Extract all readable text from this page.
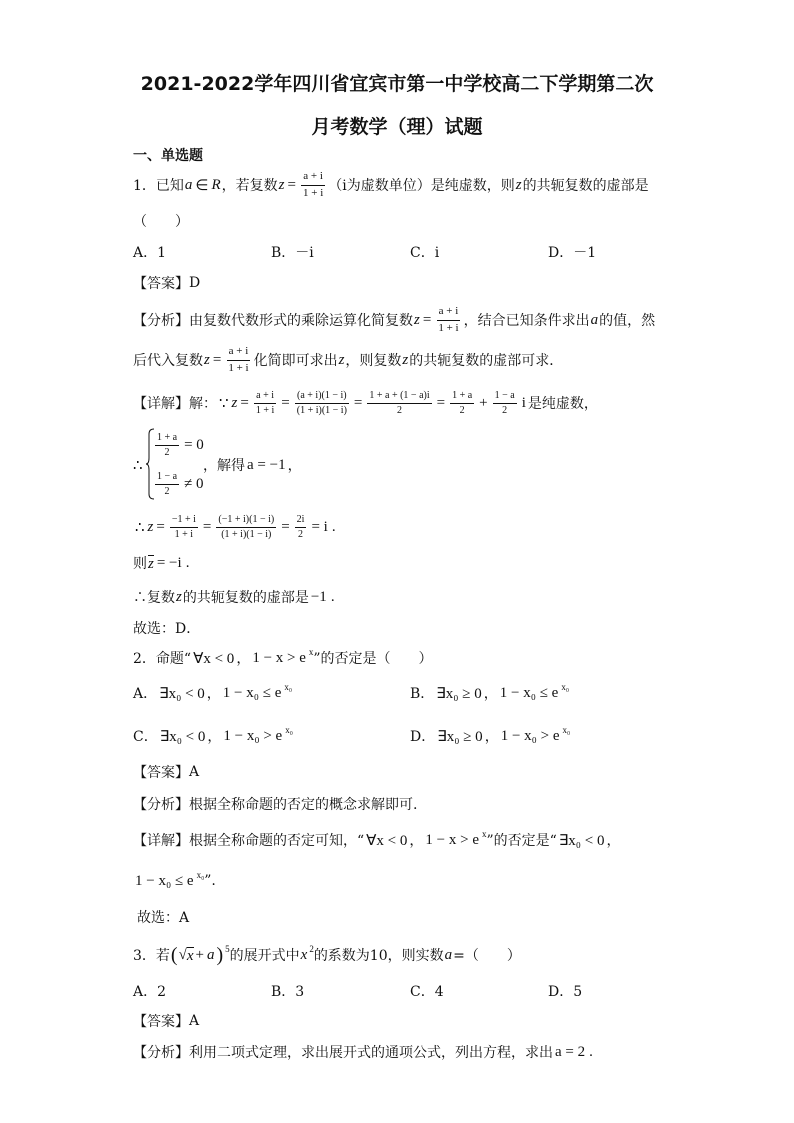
2021-2022学年四川省宜宾市第一中学校高二下学期第二次
月考数学（理）试题
一、单选题
1．已知 a ∈ R ，若复数 $z = \frac{a + i}{1 + i} (i$为虚数单位）是纯虚数，则 z 的共轭复数的虚部是
（　　）
A．1	B．－i	C．i	D．－1
【答案】 D
【分析】 由复数代数形式的乘除运算化简复数 $z = \frac{a + i}{1 + i}$ ，结合已知条件求出 a 的值，然
后代入复数 $z = \frac{a + i}{1 + i}$ 化简即可求出 z ，则复数 z 的共轭复数的虚部可求．
【详解】 解： ∵ $z = \frac{a + i}{1 + i} = \frac{(a + i)(1 - i)}{(1 + i)(1 - i)} = \frac{1 + a + (1 - a)i}{2} = \frac{1 + a}{2} + \frac{1 - a}{2}$ i 是纯虚数，
∴
$\frac{1 + a}{2} = 0$
$\frac{1 - a}{2} \ne 0$
，解得 a = −1 ，
∴ $z = \frac{-1 + i}{1 + i} = \frac{(-1 + i)(1 - i)}{(1 + i)(1 - i)} = \frac{2i}{2} = i$ .
则 z = −i .
∴复数 z 的共轭复数的虚部是 −1 .
故选：D．
2．命题“ ∀x < 0 ， 1 − x > e x ”的否定是（　　）
A． ∃x₀ < 0 ， 1 − x₀ ≤ e x₀	B． ∃x₀ ≥ 0 ， 1 − x₀ ≤ e x₀
C． ∃x₀ < 0 ， 1 − x₀ > e x₀	D． ∃x₀ ≥ 0 ， 1 − x₀ > e x₀
【答案】 A
【分析】 根据全称命题的否定的概念求解即可.
【详解】 根据全称命题的否定可知，“ ∀x < 0 ， 1 − x > e x ”的否定是“ ∃x₀ < 0 ，
1 − x₀ ≤ e x₀ ”.
故选：A
3．若 ( √ x + a ) 5 的展开式中 x 2 的系数为10，则实数 a =（　　）
A．2	B．3	C．4	D．5
【答案】 A
【分析】 利用二项式定理，求出展开式的通项公式，列出方程，求出 a = 2 .
